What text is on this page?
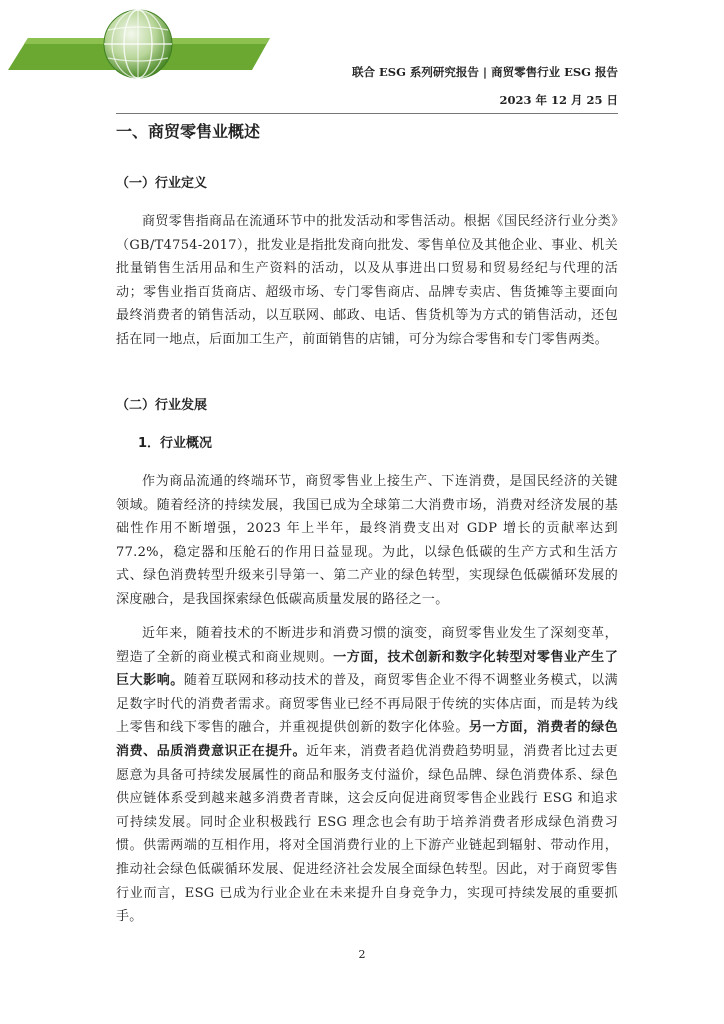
联合 ESG 系列研究报告 | 商贸零售行业 ESG 报告
2023 年 12 月 25 日
一、商贸零售业概述
（一）行业定义

商贸零售指商品在流通环节中的批发活动和零售活动。根据《国民经济行业分类》（GB/T4754-2017），批发业是指批发商向批发、零售单位及其他企业、事业、机关批量销售生活用品和生产资料的活动，以及从事进出口贸易和贸易经纪与代理的活动；零售业指百货商店、超级市场、专门零售商店、品牌专卖店、售货摊等主要面向最终消费者的销售活动，以互联网、邮政、电话、售货机等为方式的销售活动，还包括在同一地点，后面加工生产，前面销售的店铺，可分为综合零售和专门零售两类。

（二）行业发展
1．行业概况

作为商品流通的终端环节，商贸零售业上接生产、下连消费，是国民经济的关键领域。随着经济的持续发展，我国已成为全球第二大消费市场，消费对经济发展的基础性作用不断增强，2023 年上半年，最终消费支出对 GDP 增长的贡献率达到 77.2%，稳定器和压舱石的作用日益显现。为此，以绿色低碳的生产方式和生活方式、绿色消费转型升级来引导第一、第二产业的绿色转型，实现绿色低碳循环发展的深度融合，是我国探索绿色低碳高质量发展的路径之一。

近年来，随着技术的不断进步和消费习惯的演变，商贸零售业发生了深刻变革，塑造了全新的商业模式和商业规则。一方面，技术创新和数字化转型对零售业产生了巨大影响。随着互联网和移动技术的普及，商贸零售企业不得不调整业务模式，以满足数字时代的消费者需求。商贸零售业已经不再局限于传统的实体店面，而是转为线上零售和线下零售的融合，并重视提供创新的数字化体验。另一方面，消费者的绿色消费、品质消费意识正在提升。近年来，消费者趋优消费趋势明显，消费者比过去更愿意为具备可持续发展属性的商品和服务支付溢价，绿色品牌、绿色消费体系、绿色供应链体系受到越来越多消费者青睐，这会反向促进商贸零售企业践行 ESG 和追求可持续发展。同时企业积极践行 ESG 理念也会有助于培养消费者形成绿色消费习惯。供需两端的互相作用，将对全国消费行业的上下游产业链起到辐射、带动作用，推动社会绿色低碳循环发展、促进经济社会发展全面绿色转型。因此，对于商贸零售行业而言，ESG 已成为行业企业在未来提升自身竞争力，实现可持续发展的重要抓手。

2
